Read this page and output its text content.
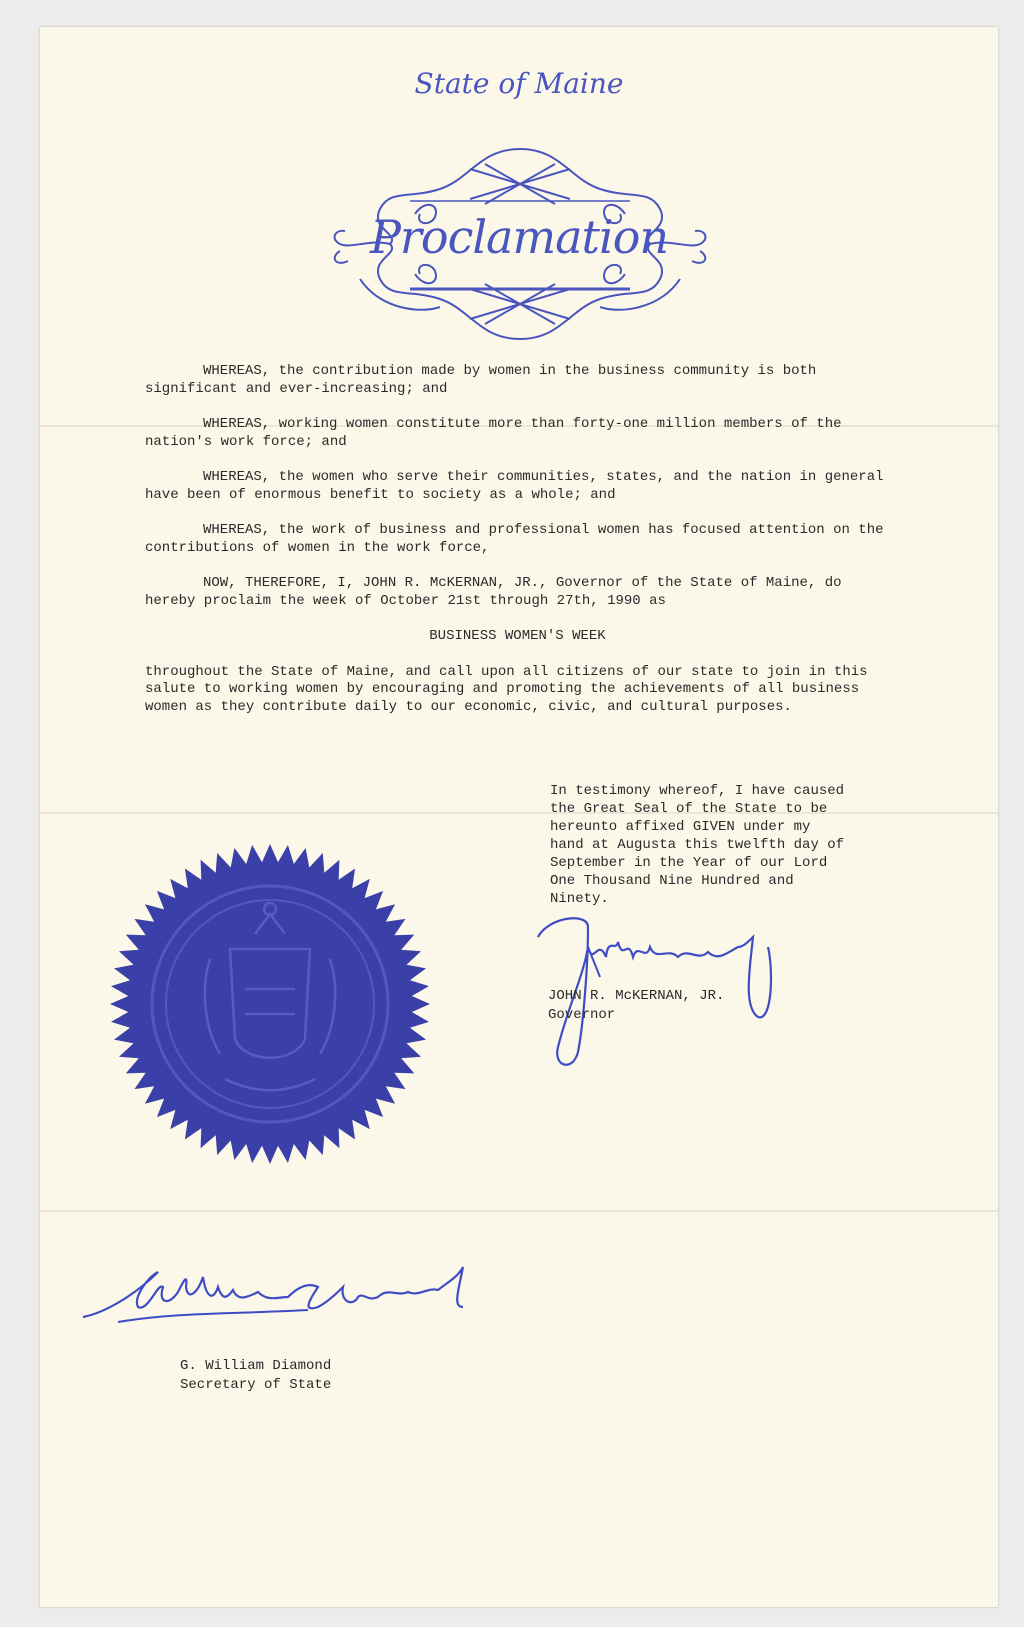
State of Maine
Proclamation

WHEREAS, the contribution made by women in the business community is both significant and ever-increasing; and

WHEREAS, working women constitute more than forty-one million members of the nation's work force; and

WHEREAS, the women who serve their communities, states, and the nation in general have been of enormous benefit to society as a whole; and

WHEREAS, the work of business and professional women has focused attention on the contributions of women in the work force,

NOW, THEREFORE, I, JOHN R. McKERNAN, JR., Governor of the State of Maine, do hereby proclaim the week of October 21st through 27th, 1990 as

BUSINESS WOMEN'S WEEK

throughout the State of Maine, and call upon all citizens of our state to join in this salute to working women by encouraging and promoting the achievements of all business women as they contribute daily to our economic, civic, and cultural purposes.

In testimony whereof, I have caused
the Great Seal of the State to be
hereunto affixed GIVEN under my
hand at Augusta this twelfth day of
September in the Year of our Lord
One Thousand Nine Hundred and
Ninety.
JOHN R. McKERNAN, JR.
Governor
G. William Diamond
Secretary of State
